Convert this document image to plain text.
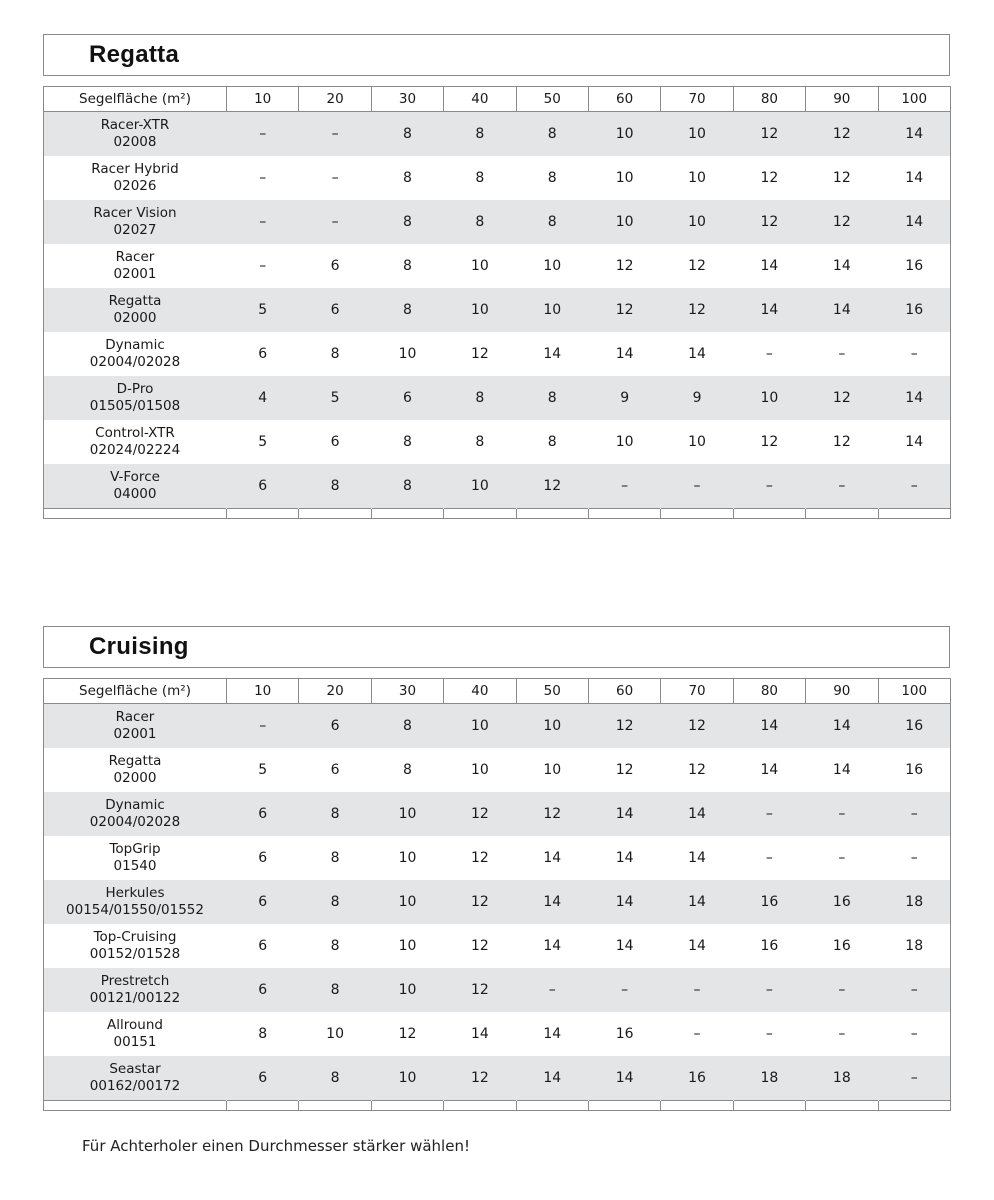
Regatta
Segelfläche (m²)	10	20	30	40	50	60	70	80	90	100

Racer-XTR
02008	–	–	8	8	8	10	10	12	12	14

Racer Hybrid
02026	–	–	8	8	8	10	10	12	12	14

Racer Vision
02027	–	–	8	8	8	10	10	12	12	14

Racer
02001	–	6	8	10	10	12	12	14	14	16

Regatta
02000	5	6	8	10	10	12	12	14	14	16

Dynamic
02004/02028	6	8	10	12	14	14	14	–	–	–

D-Pro
01505/01508	4	5	6	8	8	9	9	10	12	14

Control-XTR
02024/02224	5	6	8	8	8	10	10	12	12	14

V-Force
04000	6	8	8	10	12	–	–	–	–	–

Cruising
Segelfläche (m²)	10	20	30	40	50	60	70	80	90	100

Racer
02001	–	6	8	10	10	12	12	14	14	16

Regatta
02000	5	6	8	10	10	12	12	14	14	16

Dynamic
02004/02028	6	8	10	12	12	14	14	–	–	–

TopGrip
01540	6	8	10	12	14	14	14	–	–	–

Herkules
00154/01550/01552	6	8	10	12	14	14	14	16	16	18

Top-Cruising
00152/01528	6	8	10	12	14	14	14	16	16	18

Prestretch
00121/00122	6	8	10	12	–	–	–	–	–	–

Allround
00151	8	10	12	14	14	16	–	–	–	–

Seastar
00162/00172	6	8	10	12	14	14	16	18	18	–

Für Achterholer einen Durchmesser stärker wählen!
